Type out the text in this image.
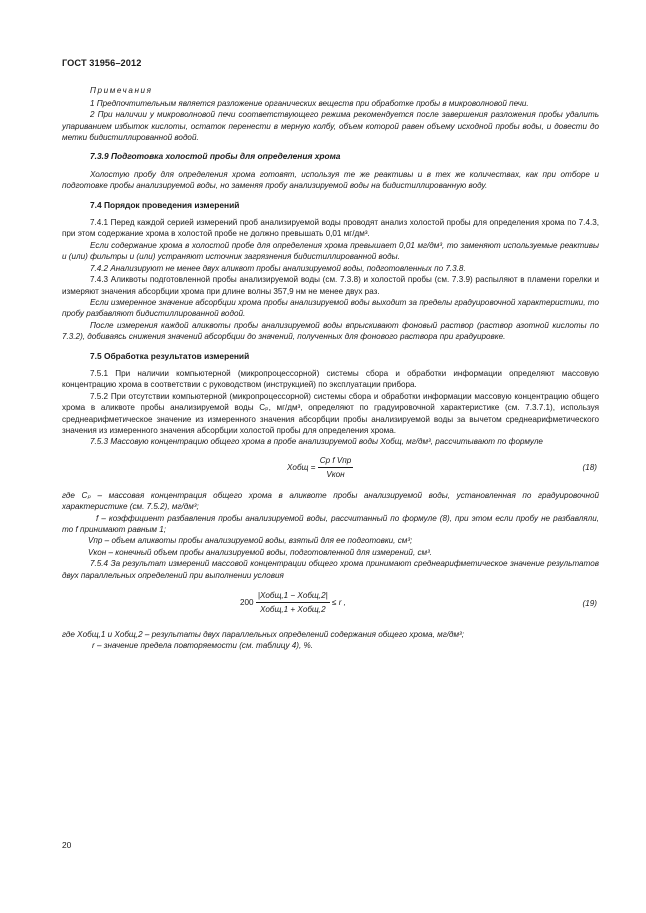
ГОСТ 31956–2012

Примечания

1 Предпочтительным является разложение органических веществ при обработке пробы в микроволновой печи.

2 При наличии у микроволновой печи соответствующего режима рекомендуется после завершения разложения пробы удалить упариванием избыток кислоты, остаток перенести в мерную колбу, объем которой равен объему исходной пробы воды, и довести до метки бидистиллированной водой.

7.3.9 Подготовка холостой пробы для определения хрома

Холостую пробу для определения хрома готовят, используя те же реактивы и в тех же количествах, как при отборе и подготовке пробы анализируемой воды, но заменяя пробу анализируемой воды на бидистиллированную воду.

7.4 Порядок проведения измерений

7.4.1 Перед каждой серией измерений проб анализируемой воды проводят анализ холостой пробы для определения хрома по 7.4.3, при этом содержание хрома в холостой пробе не должно превышать 0,01 мг/дм³.

Если содержание хрома в холостой пробе для определения хрома превышает 0,01 мг/дм³, то заменяют используемые реактивы и (или) фильтры и (или) устраняют источник загрязнения бидистиллированной воды.

7.4.2 Анализируют не менее двух аликвот пробы анализируемой воды, подготовленных по 7.3.8.

7.4.3 Аликвоты подготовленной пробы анализируемой воды (см. 7.3.8) и холостой пробы (см. 7.3.9) распыляют в пламени горелки и измеряют значения абсорбции хрома при длине волны 357,9 нм не менее двух раз.

Если измеренное значение абсорбции хрома пробы анализируемой воды выходит за пределы градуировочной характеристики, то пробу разбавляют бидистиллированной водой.

После измерения каждой аликвоты пробы анализируемой воды впрыскивают фоновый раствор (раствор азотной кислоты по 7.3.2), добиваясь снижения значений абсорбции до значений, полученных для фонового раствора при градуировке.

7.5 Обработка результатов измерений

7.5.1 При наличии компьютерной (микропроцессорной) системы сбора и обработки информации определяют массовую концентрацию хрома в соответствии с руководством (инструкцией) по эксплуатации прибора.

7.5.2 При отсутствии компьютерной (микропроцессорной) системы сбора и обработки информации массовую концентрацию общего хрома в аликвоте пробы анализируемой воды Cₚ, мг/дм³, определяют по градуировочной характеристике (см. 7.3.7.1), используя среднеарифметическое значение из измеренного значения абсорбции пробы анализируемой воды за вычетом среднеарифметического значения из измеренного значения абсорбции холостой пробы для определения хрома.

7.5.3 Массовую концентрацию общего хрома в пробе анализируемой воды Xобщ, мг/дм³, рассчитывают по формуле

Xобщ = $\frac{\text{Cp f Vпр}}{\text{Vкон}}$	(18)

где Cₚ – массовая концентрация общего хрома в аликвоте пробы анализируемой воды, установленная по градуировочной характеристике (см. 7.5.2), мг/дм³;

f – коэффициент разбавления пробы анализируемой воды, рассчитанный по формуле (8), при этом если пробу не разбавляли, то f принимают равным 1;

Vпр – объем аликвоты пробы анализируемой воды, взятый для ее подготовки, см³;

Vкон – конечный объем пробы анализируемой воды, подготовленной для измерений, см³.

7.5.4 За результат измерений массовой концентрации общего хрома принимают среднеарифметическое значение результатов двух параллельных определений при выполнении условия

$200 \frac{\text{|Xобщ,1 − Xобщ,2|}}{\text{Xобщ,1 + Xобщ,2}} \le r$ ,	(19)

где Xобщ,1 и Xобщ,2 – результаты двух параллельных определений содержания общего хрома, мг/дм³;

r – значение предела повторяемости (см. таблицу 4), %.

20
